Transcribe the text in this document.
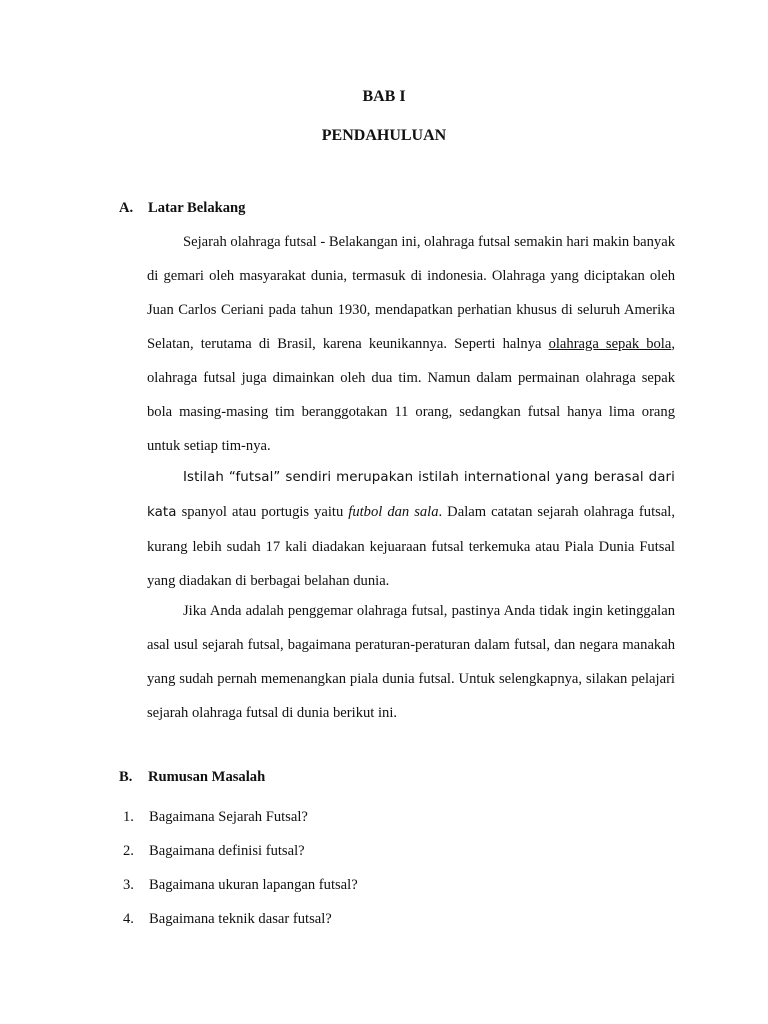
BAB I
PENDAHULUAN
A. Latar Belakang

Sejarah olahraga futsal - Belakangan ini, olahraga futsal semakin hari makin banyak di gemari oleh masyarakat dunia, termasuk di indonesia. Olahraga yang diciptakan oleh Juan Carlos Ceriani pada tahun 1930, mendapatkan perhatian khusus di seluruh Amerika Selatan, terutama di Brasil, karena keunikannya. Seperti halnya olahraga sepak bola, olahraga futsal juga dimainkan oleh dua tim. Namun dalam permainan olahraga sepak bola masing-masing tim beranggotakan 11 orang, sedangkan futsal hanya lima orang untuk setiap tim-nya.

Istilah “futsal” sendiri merupakan istilah international yang berasal dari kata spanyol atau portugis yaitu futbol dan sala. Dalam catatan sejarah olahraga futsal, kurang lebih sudah 17 kali diadakan kejuaraan futsal terkemuka atau Piala Dunia Futsal yang diadakan di berbagai belahan dunia.

Jika Anda adalah penggemar olahraga futsal, pastinya Anda tidak ingin ketinggalan asal usul sejarah futsal, bagaimana peraturan-peraturan dalam futsal, dan negara manakah yang sudah pernah memenangkan piala dunia futsal. Untuk selengkapnya, silakan pelajari sejarah olahraga futsal di dunia berikut ini.

B. Rumusan Masalah
1. Bagaimana Sejarah Futsal?
2. Bagaimana definisi futsal?
3. Bagaimana ukuran lapangan futsal?
4. Bagaimana teknik dasar futsal?
